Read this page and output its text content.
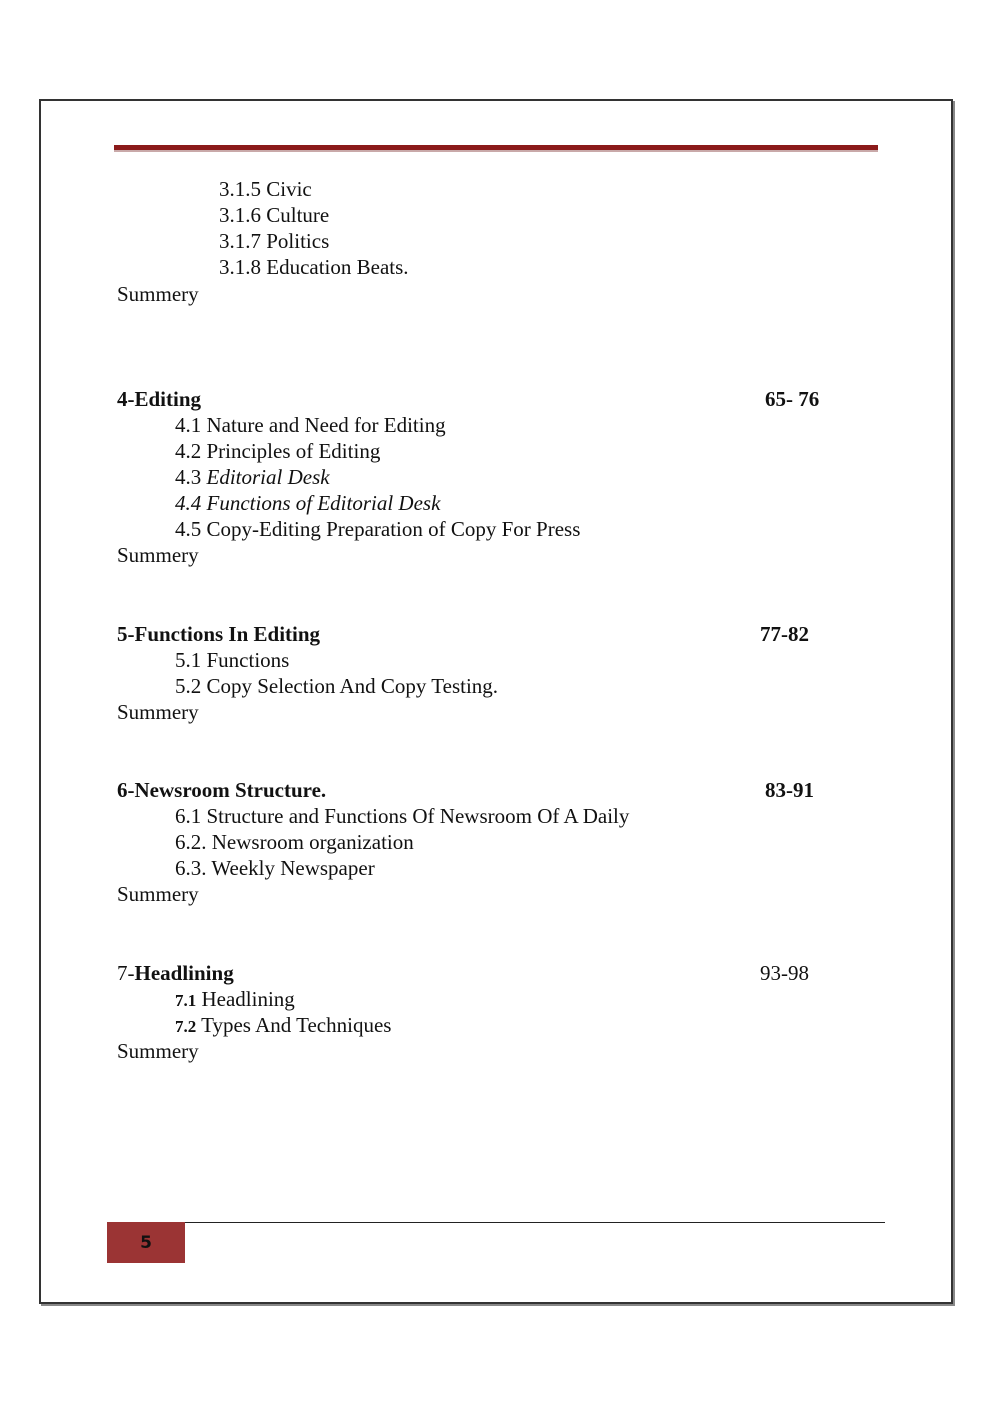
3.1.5 Civic
3.1.6 Culture
3.1.7 Politics
3.1.8 Education Beats.
Summery
4-Editing	65- 76
4.1 Nature and Need for Editing
4.2 Principles of Editing
4.3 Editorial Desk
4.4 Functions of Editorial Desk
4.5 Copy-Editing Preparation of Copy For Press
Summery
5-Functions In Editing	77-82
5.1 Functions
5.2 Copy Selection And Copy Testing.
Summery
6-Newsroom Structure.	83-91
6.1 Structure and Functions Of Newsroom Of A Daily
6.2. Newsroom organization
6.3. Weekly Newspaper
Summery
7-Headlining	93-98
7.1 Headlining
7.2 Types And Techniques
Summery
5
